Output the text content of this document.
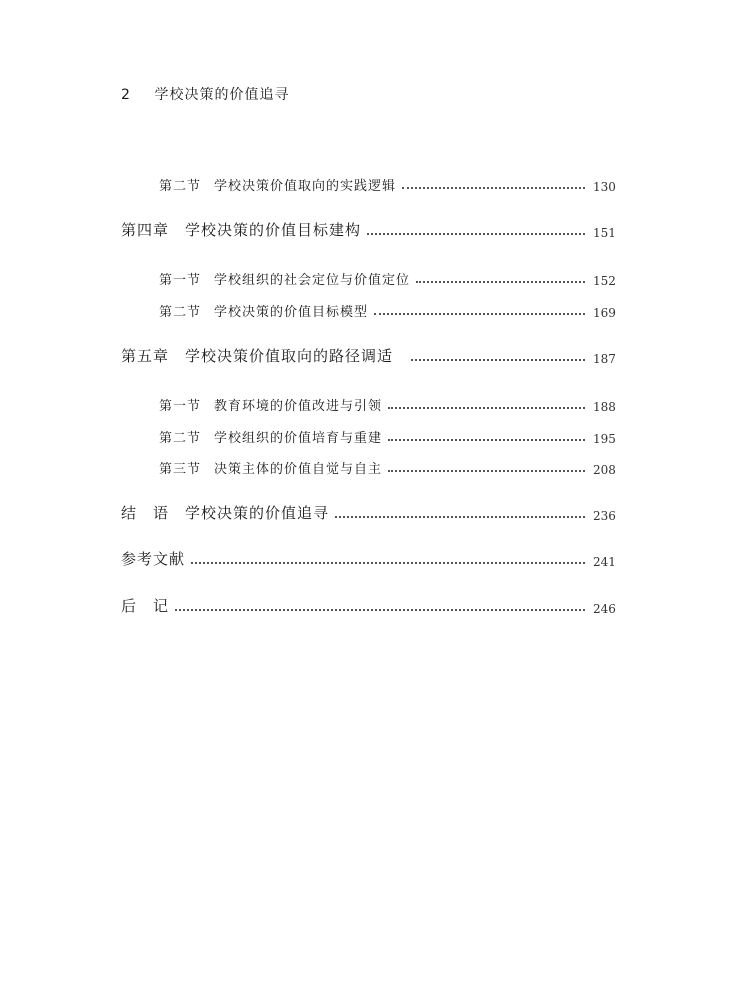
2 学校决策的价值追寻
第二节 学校决策价值取向的实践逻辑	130
第四章 学校决策的价值目标建构	151
第一节 学校组织的社会定位与价值定位	152
第二节 学校决策的价值目标模型	169
第五章 学校决策价值取向的路径调适	187
第一节 教育环境的价值改进与引领	188
第二节 学校组织的价值培育与重建	195
第三节 决策主体的价值自觉与自主	208
结　语 学校决策的价值追寻	236
参考文献	241
后　记	246
